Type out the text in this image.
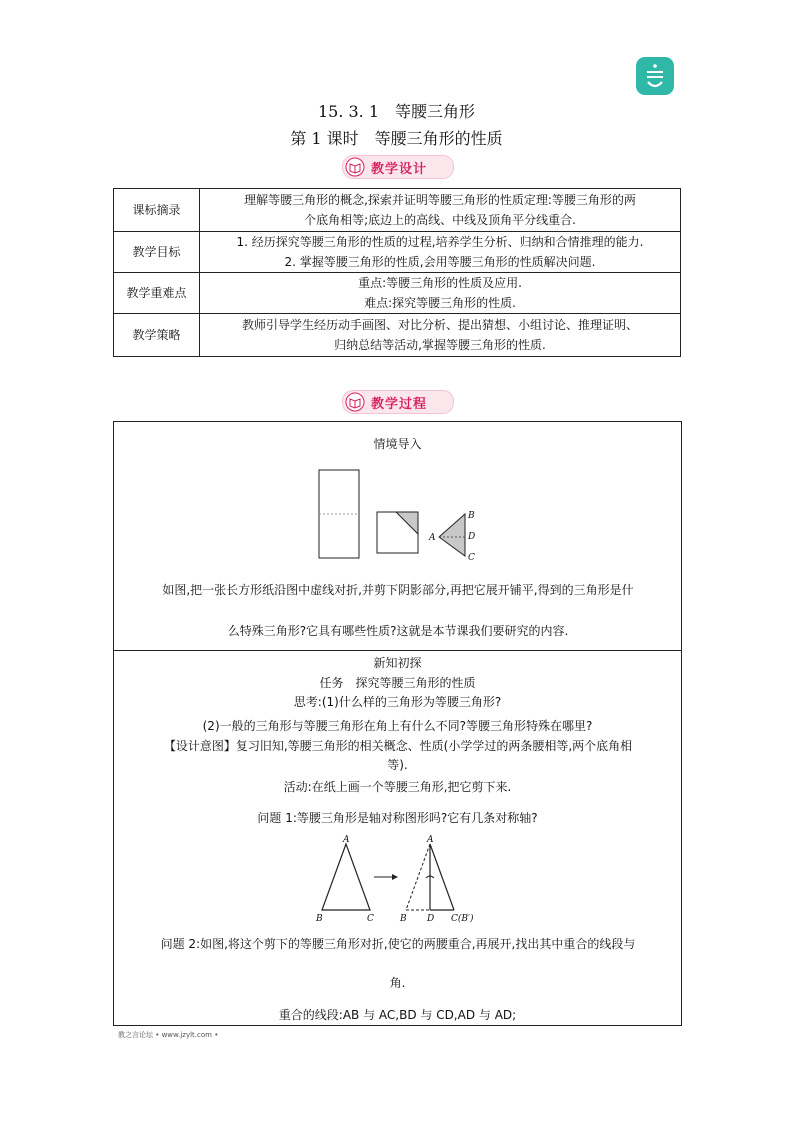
15. 3. 1　等腰三角形
第 1 课时　等腰三角形的性质
教学设计
课标摘录	理解等腰三角形的概念,探索并证明等腰三角形的性质定理:等腰三角形的两
个底角相等;底边上的高线、中线及顶角平分线重合.

教学目标	1. 经历探究等腰三角形的性质的过程,培养学生分析、归纳和合情推理的能力.
2. 掌握等腰三角形的性质,会用等腰三角形的性质解决问题.

教学重难点	重点:等腰三角形的性质及应用.
难点:探究等腰三角形的性质.

教学策略	教师引导学生经历动手画图、对比分析、提出猜想、小组讨论、推理证明、
归纳总结等活动,掌握等腰三角形的性质.
教学过程
情境导入
A
B
D
C
如图,把一张长方形纸沿图中虚线对折,并剪下阴影部分,再把它展开铺平,得到的三角形是什
么特殊三角形?它具有哪些性质?这就是本节课我们要研究的内容.
新知初探
任务　探究等腰三角形的性质
思考:(1)什么样的三角形为等腰三角形?
(2)一般的三角形与等腰三角形在角上有什么不同?等腰三角形特殊在哪里?
【设计意图】复习旧知,等腰三角形的相关概念、性质(小学学过的两条腰相等,两个底角相
等).
活动:在纸上画一个等腰三角形,把它剪下来.
问题 1:等腰三角形是轴对称图形吗?它有几条对称轴?
A
B	C
A
B D C(B′)
问题 2:如图,将这个剪下的等腰三角形对折,使它的两腰重合,再展开,找出其中重合的线段与
角.
重合的线段:AB 与 AC,BD 与 CD,AD 与 AD;
教之言论坛 • www.jzylt.com •
